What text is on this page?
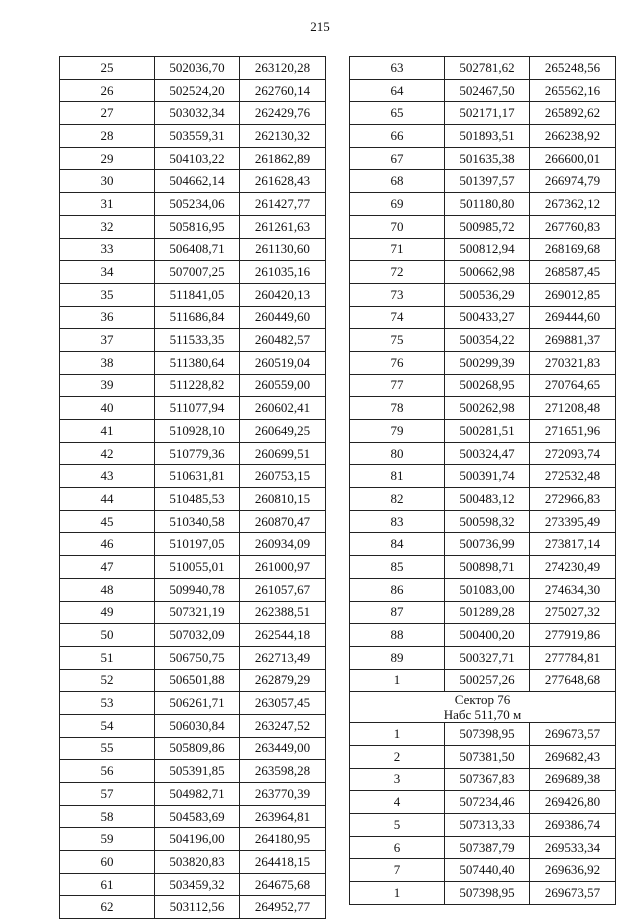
215
25	502036,70	263120,28
26	502524,20	262760,14
27	503032,34	262429,76
28	503559,31	262130,32
29	504103,22	261862,89
30	504662,14	261628,43
31	505234,06	261427,77
32	505816,95	261261,63
33	506408,71	261130,60
34	507007,25	261035,16
35	511841,05	260420,13
36	511686,84	260449,60
37	511533,35	260482,57
38	511380,64	260519,04
39	511228,82	260559,00
40	511077,94	260602,41
41	510928,10	260649,25
42	510779,36	260699,51
43	510631,81	260753,15
44	510485,53	260810,15
45	510340,58	260870,47
46	510197,05	260934,09
47	510055,01	261000,97
48	509940,78	261057,67
49	507321,19	262388,51
50	507032,09	262544,18
51	506750,75	262713,49
52	506501,88	262879,29
53	506261,71	263057,45
54	506030,84	263247,52
55	505809,86	263449,00
56	505391,85	263598,28
57	504982,71	263770,39
58	504583,69	263964,81
59	504196,00	264180,95
60	503820,83	264418,15
61	503459,32	264675,68
62	503112,56	264952,77
63	502781,62	265248,56
64	502467,50	265562,16
65	502171,17	265892,62
66	501893,51	266238,92
67	501635,38	266600,01
68	501397,57	266974,79
69	501180,80	267362,12
70	500985,72	267760,83
71	500812,94	268169,68
72	500662,98	268587,45
73	500536,29	269012,85
74	500433,27	269444,60
75	500354,22	269881,37
76	500299,39	270321,83
77	500268,95	270764,65
78	500262,98	271208,48
79	500281,51	271651,96
80	500324,47	272093,74
81	500391,74	272532,48
82	500483,12	272966,83
83	500598,32	273395,49
84	500736,99	273817,14
85	500898,71	274230,49
86	501083,00	274634,30
87	501289,28	275027,32
88	500400,20	277919,86
89	500327,71	277784,81
1	500257,26	277648,68

Сектор 76
Набс 511,70 м		

1	507398,95	269673,57
2	507381,50	269682,43
3	507367,83	269689,38
4	507234,46	269426,80
5	507313,33	269386,74
6	507387,79	269533,34
7	507440,40	269636,92
1	507398,95	269673,57
